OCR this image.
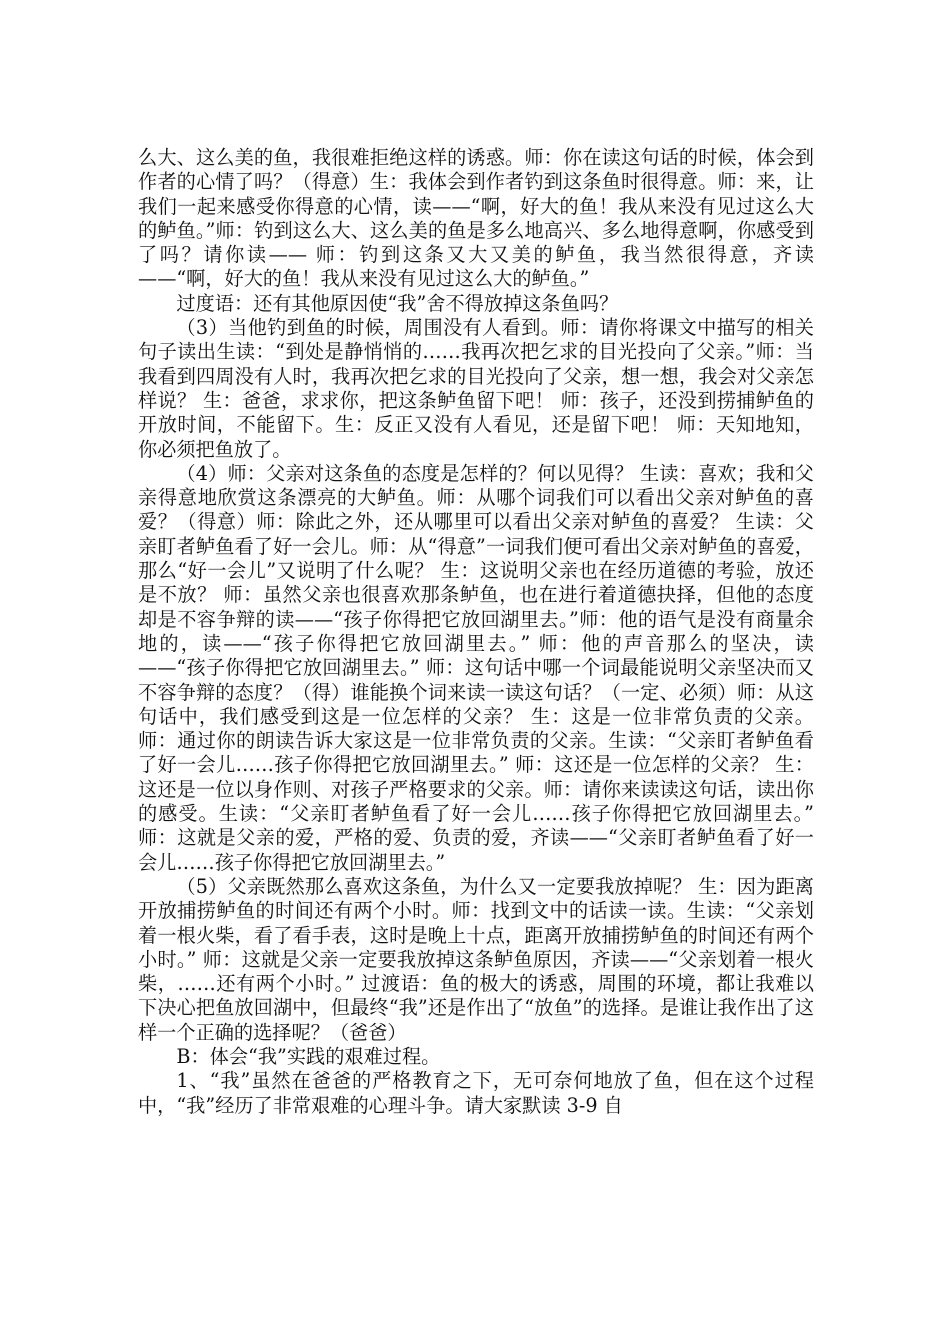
么大、这么美的鱼，我很难拒绝这样的诱惑。师：你在读这句话的时候，体会到作者的心情了吗？（得意）生：我体会到作者钓到这条鱼时很得意。师：来，让我们一起来感受你得意的心情，读——“啊，好大的鱼！我从来没有见过这么大的鲈鱼。”师：钓到这么大、这么美的鱼是多么地高兴、多么地得意啊，你感受到了吗？请你读—— 师：钓到这条又大又美的鲈鱼，我当然很得意，齐读——“啊，好大的鱼！我从来没有见过这么大的鲈鱼。”

过度语：还有其他原因使“我”舍不得放掉这条鱼吗？

（3）当他钓到鱼的时候，周围没有人看到。师：请你将课文中描写的相关句子读出生读：“到处是静悄悄的……我再次把乞求的目光投向了父亲。”师：当我看到四周没有人时，我再次把乞求的目光投向了父亲，想一想，我会对父亲怎样说？ 生：爸爸，求求你，把这条鲈鱼留下吧！ 师：孩子，还没到捞捕鲈鱼的开放时间，不能留下。生：反正又没有人看见，还是留下吧！ 师：天知地知，你必须把鱼放了。

（4）师：父亲对这条鱼的态度是怎样的？何以见得？ 生读：喜欢；我和父亲得意地欣赏这条漂亮的大鲈鱼。师：从哪个词我们可以看出父亲对鲈鱼的喜爱？（得意）师：除此之外，还从哪里可以看出父亲对鲈鱼的喜爱？ 生读：父亲盯者鲈鱼看了好一会儿。师：从“得意”一词我们便可看出父亲对鲈鱼的喜爱，那么“好一会儿”又说明了什么呢？ 生：这说明父亲也在经历道德的考验，放还是不放？ 师：虽然父亲也很喜欢那条鲈鱼，也在进行着道德抉择，但他的态度却是不容争辩的读——“孩子你得把它放回湖里去。”师：他的语气是没有商量余地的，读——“孩子你得把它放回湖里去。” 师：他的声音那么的坚决，读——“孩子你得把它放回湖里去。” 师：这句话中哪一个词最能说明父亲坚决而又不容争辩的态度？（得）谁能换个词来读一读这句话？（一定、必须）师：从这句话中，我们感受到这是一位怎样的父亲？ 生：这是一位非常负责的父亲。师：通过你的朗读告诉大家这是一位非常负责的父亲。生读：“父亲盯者鲈鱼看了好一会儿……孩子你得把它放回湖里去。” 师：这还是一位怎样的父亲？ 生：这还是一位以身作则、对孩子严格要求的父亲。师：请你来读读这句话，读出你的感受。生读：“父亲盯者鲈鱼看了好一会儿……孩子你得把它放回湖里去。” 师：这就是父亲的爱，严格的爱、负责的爱，齐读——“父亲盯者鲈鱼看了好一会儿……孩子你得把它放回湖里去。”

（5）父亲既然那么喜欢这条鱼，为什么又一定要我放掉呢？ 生：因为距离开放捕捞鲈鱼的时间还有两个小时。师：找到文中的话读一读。生读：“父亲划着一根火柴，看了看手表，这时是晚上十点，距离开放捕捞鲈鱼的时间还有两个小时。” 师：这就是父亲一定要我放掉这条鲈鱼原因，齐读——“父亲划着一根火柴，……还有两个小时。” 过渡语：鱼的极大的诱惑，周围的环境，都让我难以下决心把鱼放回湖中，但最终“我”还是作出了“放鱼”的选择。是谁让我作出了这样一个正确的选择呢？（爸爸）

B：体会“我”实践的艰难过程。

1、“我”虽然在爸爸的严格教育之下，无可奈何地放了鱼，但在这个过程中，“我”经历了非常艰难的心理斗争。请大家默读 3-9 自
